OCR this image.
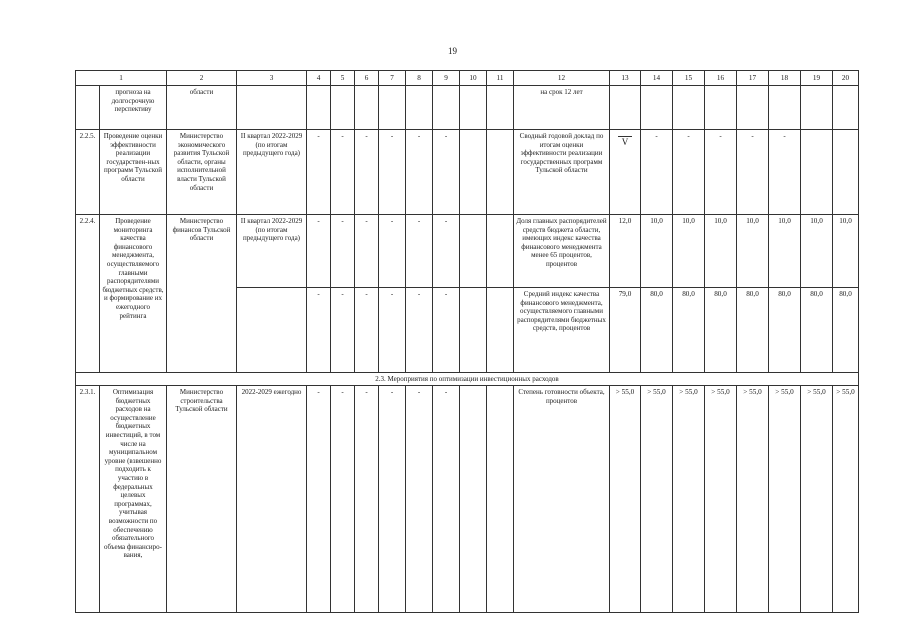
19
1		2	3	4	5	6	7	8	9	10	11	12	13	14	15	16	17	18	19	20
	прогноза на долгосрочную перспективу	области										на срок 12 лет								
2.2.5.	Проведение оценки эффективности реализации государствен-ных программ Тульской области	Министерство экономического развития Тульской области, органы исполнительной власти Тульской области	II квартал 2022-2029 (по итогам предыдущего года)	-	-	-	-	-	-			Сводный годовой доклад по итогам оценки эффективности реализации государственных программ Тульской области	V	-	-	-	-	-		
2.2.4.	Проведение мониторинга качества финансового менеджмента, осуществляемого главными распорядителями бюджетных средств, и формирование их ежегодного рейтинга	Министерство финансов Тульской области	II квартал 2022-2029 (по итогам предыдущего года)	-	-	-	-	-	-			Доля главных распорядителей средств бюджета области, имеющих индекс качества финансового менеджмента менее 65 процентов, процентов	12,0	10,0	10,0	10,0	10,0	10,0	10,0	10,0
				-	-	-	-	-	-			Средний индекс качества финансового менеджмента, осуществляемого главными распорядителями бюджетных средств, процентов	79,0	80,0	80,0	80,0	80,0	80,0	80,0	80,0
2.3. Мероприятия по оптимизации инвестиционных расходов																				
2.3.1.	Оптимизация бюджетных расходов на осуществление бюджетных инвестиций, в том числе на муниципальном уровне (взвешенно подходить к участию в федеральных целевых программах, учитывая возможности по обеспечению обязательного объема финансиро-вания,	Министерство строительства Тульской области	2022-2029 ежегодно	-	-	-	-	-	-			Степень готовности объекта, процентов	> 55,0	> 55,0	> 55,0	> 55,0	> 55,0	> 55,0	> 55,0	> 55,0
